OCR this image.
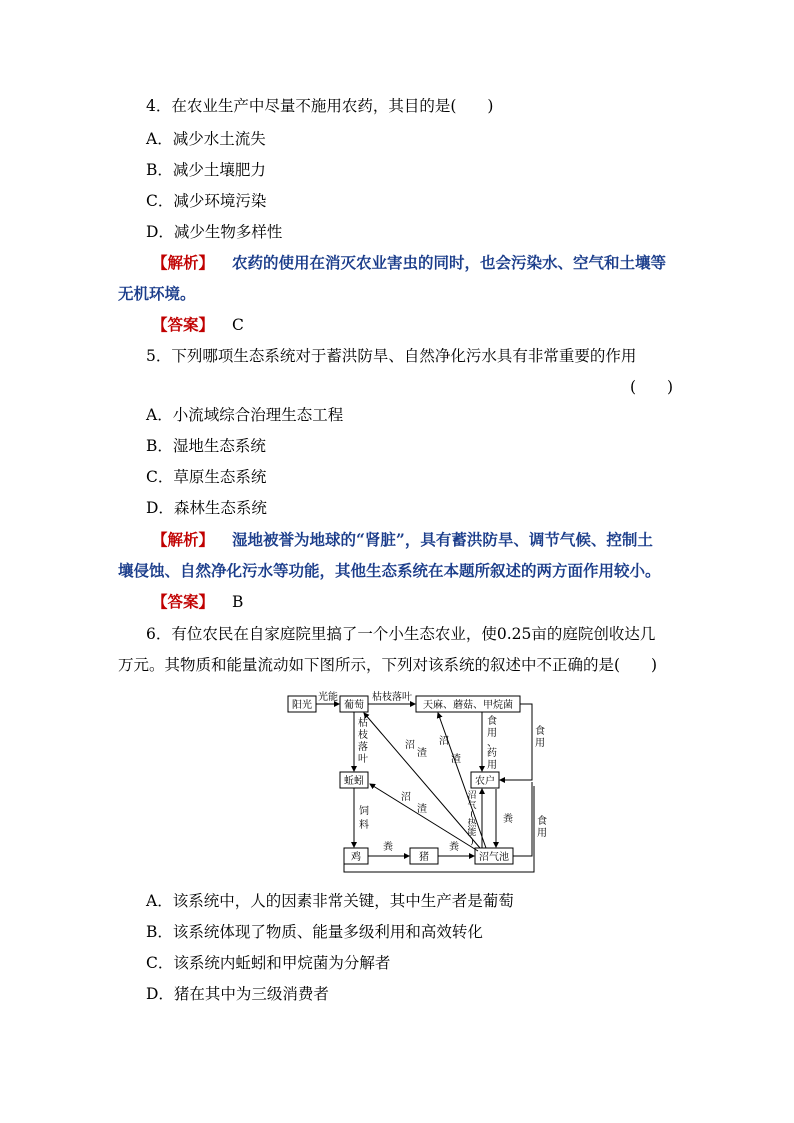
4．在农业生产中尽量不施用农药，其目的是(　　)
A．减少水土流失
B．减少土壤肥力
C．减少环境污染
D．减少生物多样性
【解析】 农药的使用在消灭农业害虫的同时，也会污染水、空气和土壤等
无机环境。
【答案】 C
5．下列哪项生态系统对于蓄洪防旱、自然净化污水具有非常重要的作用
(　　)
A．小流域综合治理生态工程
B．湿地生态系统
C．草原生态系统
D．森林生态系统
【解析】 湿地被誉为地球的“肾脏”，具有蓄洪防旱、调节气候、控制土
壤侵蚀、自然净化污水等功能，其他生态系统在本题所叙述的两方面作用较小。
【答案】 B
6．有位农民在自家庭院里搞了一个小生态农业，使0.25亩的庭院创收达几
万元。其物质和能量流动如下图所示，下列对该系统的叙述中不正确的是(　　)
阳光	葡萄	天麻、蘑菇、甲烷菌
蚯蚓	农户
鸡	猪	沼气池
光能	枯枝落叶
枯
枝
落
叶
沼
渣
沼
渣
沼
渣
食
用
、
药
用
食
用
食
用
饲
料
粪	粪
粪
沼
气
(
热
能
)
A．该系统中，人的因素非常关键，其中生产者是葡萄
B．该系统体现了物质、能量多级利用和高效转化
C．该系统内蚯蚓和甲烷菌为分解者
D．猪在其中为三级消费者
